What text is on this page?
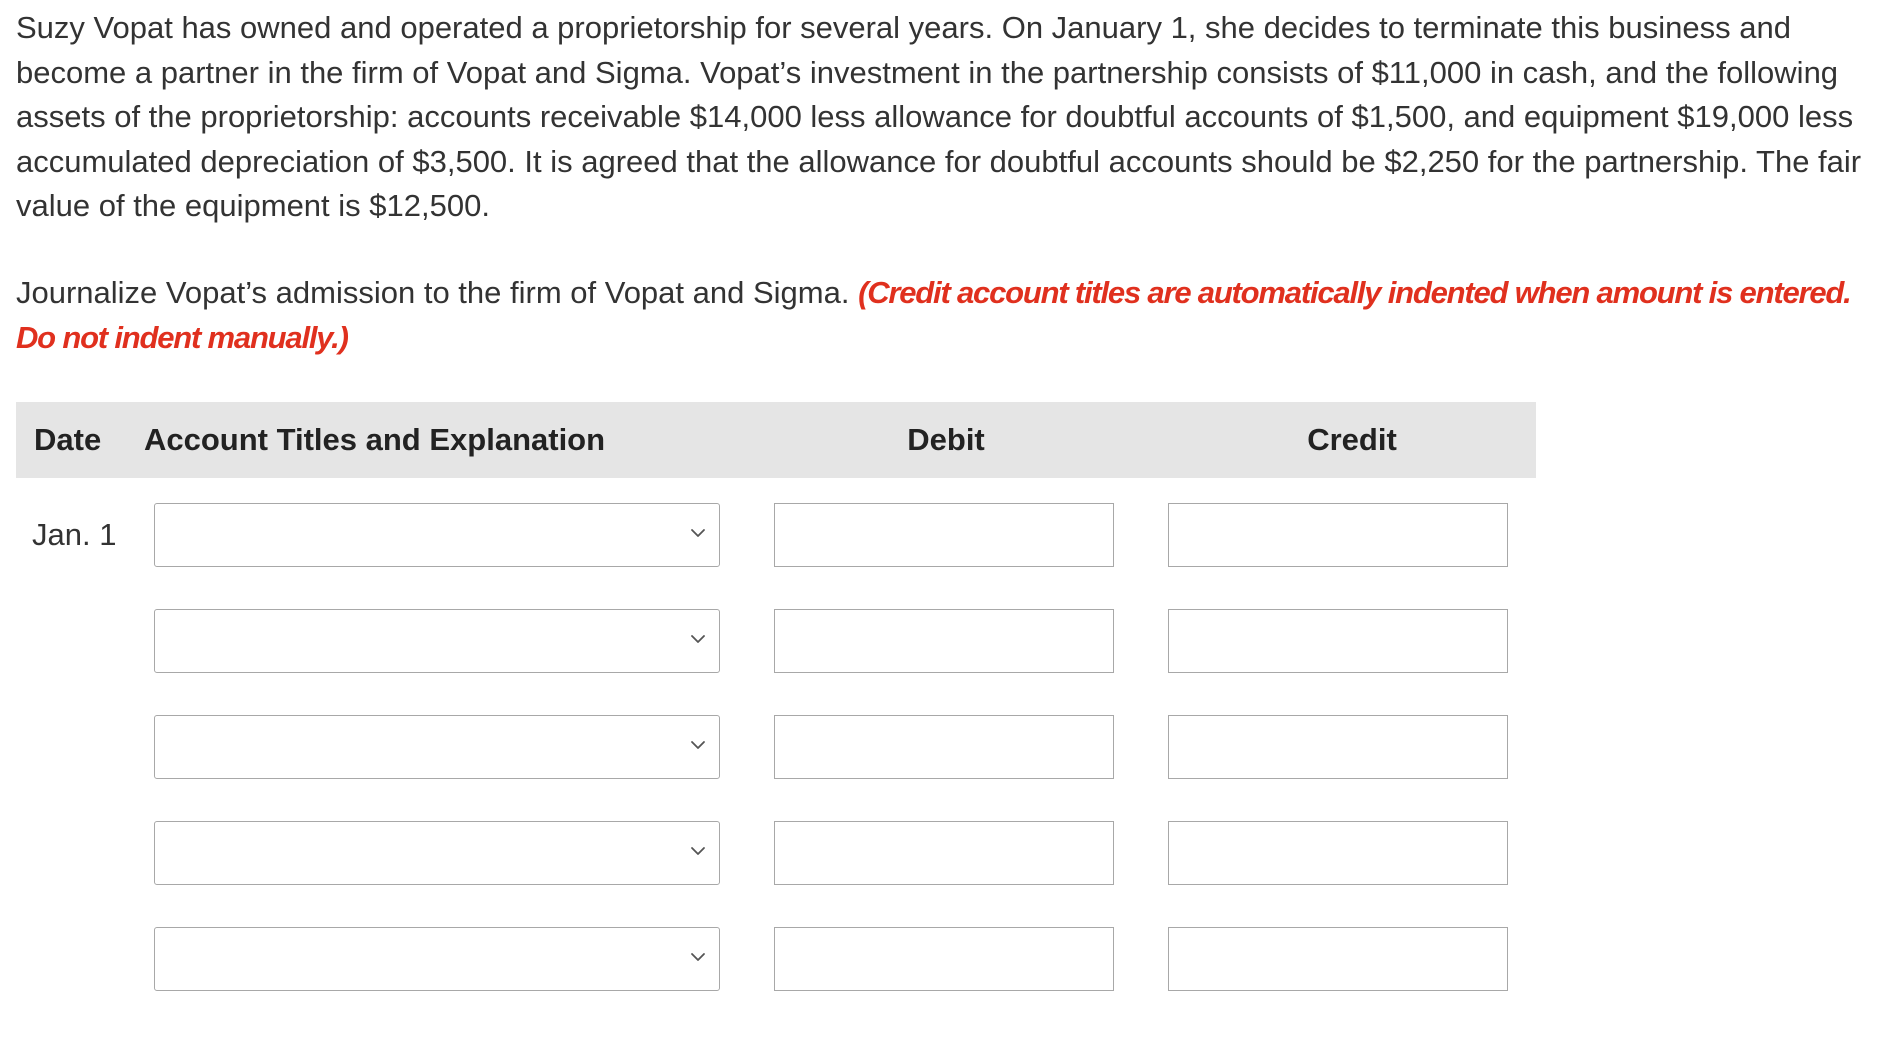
Suzy Vopat has owned and operated a proprietorship for several years. On January 1, she decides to terminate this business and become a partner in the firm of Vopat and Sigma. Vopat’s investment in the partnership consists of $11,000 in cash, and the following assets of the proprietorship: accounts receivable $14,000 less allowance for doubtful accounts of $1,500, and equipment $19,000 less accumulated depreciation of $3,500. It is agreed that the allowance for doubtful accounts should be $2,250 for the partnership. The fair value of the equipment is $12,500.

Journalize Vopat’s admission to the firm of Vopat and Sigma. (Credit account titles are automatically indented when amount is entered. Do not indent manually.)
Date Account Titles and Explanation	Debit	Credit
Jan. 1
